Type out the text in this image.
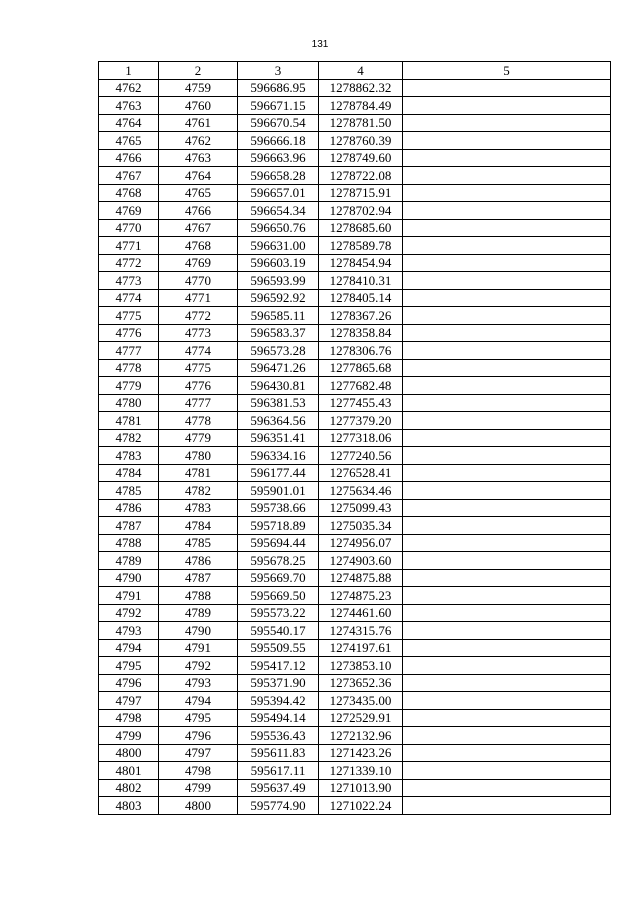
131
1	2	3	4	5
4762	4759	596686.95	1278862.32	
4763	4760	596671.15	1278784.49	
4764	4761	596670.54	1278781.50	
4765	4762	596666.18	1278760.39	
4766	4763	596663.96	1278749.60	
4767	4764	596658.28	1278722.08	
4768	4765	596657.01	1278715.91	
4769	4766	596654.34	1278702.94	
4770	4767	596650.76	1278685.60	
4771	4768	596631.00	1278589.78	
4772	4769	596603.19	1278454.94	
4773	4770	596593.99	1278410.31	
4774	4771	596592.92	1278405.14	
4775	4772	596585.11	1278367.26	
4776	4773	596583.37	1278358.84	
4777	4774	596573.28	1278306.76	
4778	4775	596471.26	1277865.68	
4779	4776	596430.81	1277682.48	
4780	4777	596381.53	1277455.43	
4781	4778	596364.56	1277379.20	
4782	4779	596351.41	1277318.06	
4783	4780	596334.16	1277240.56	
4784	4781	596177.44	1276528.41	
4785	4782	595901.01	1275634.46	
4786	4783	595738.66	1275099.43	
4787	4784	595718.89	1275035.34	
4788	4785	595694.44	1274956.07	
4789	4786	595678.25	1274903.60	
4790	4787	595669.70	1274875.88	
4791	4788	595669.50	1274875.23	
4792	4789	595573.22	1274461.60	
4793	4790	595540.17	1274315.76	
4794	4791	595509.55	1274197.61	
4795	4792	595417.12	1273853.10	
4796	4793	595371.90	1273652.36	
4797	4794	595394.42	1273435.00	
4798	4795	595494.14	1272529.91	
4799	4796	595536.43	1272132.96	
4800	4797	595611.83	1271423.26	
4801	4798	595617.11	1271339.10	
4802	4799	595637.49	1271013.90	
4803	4800	595774.90	1271022.24	
